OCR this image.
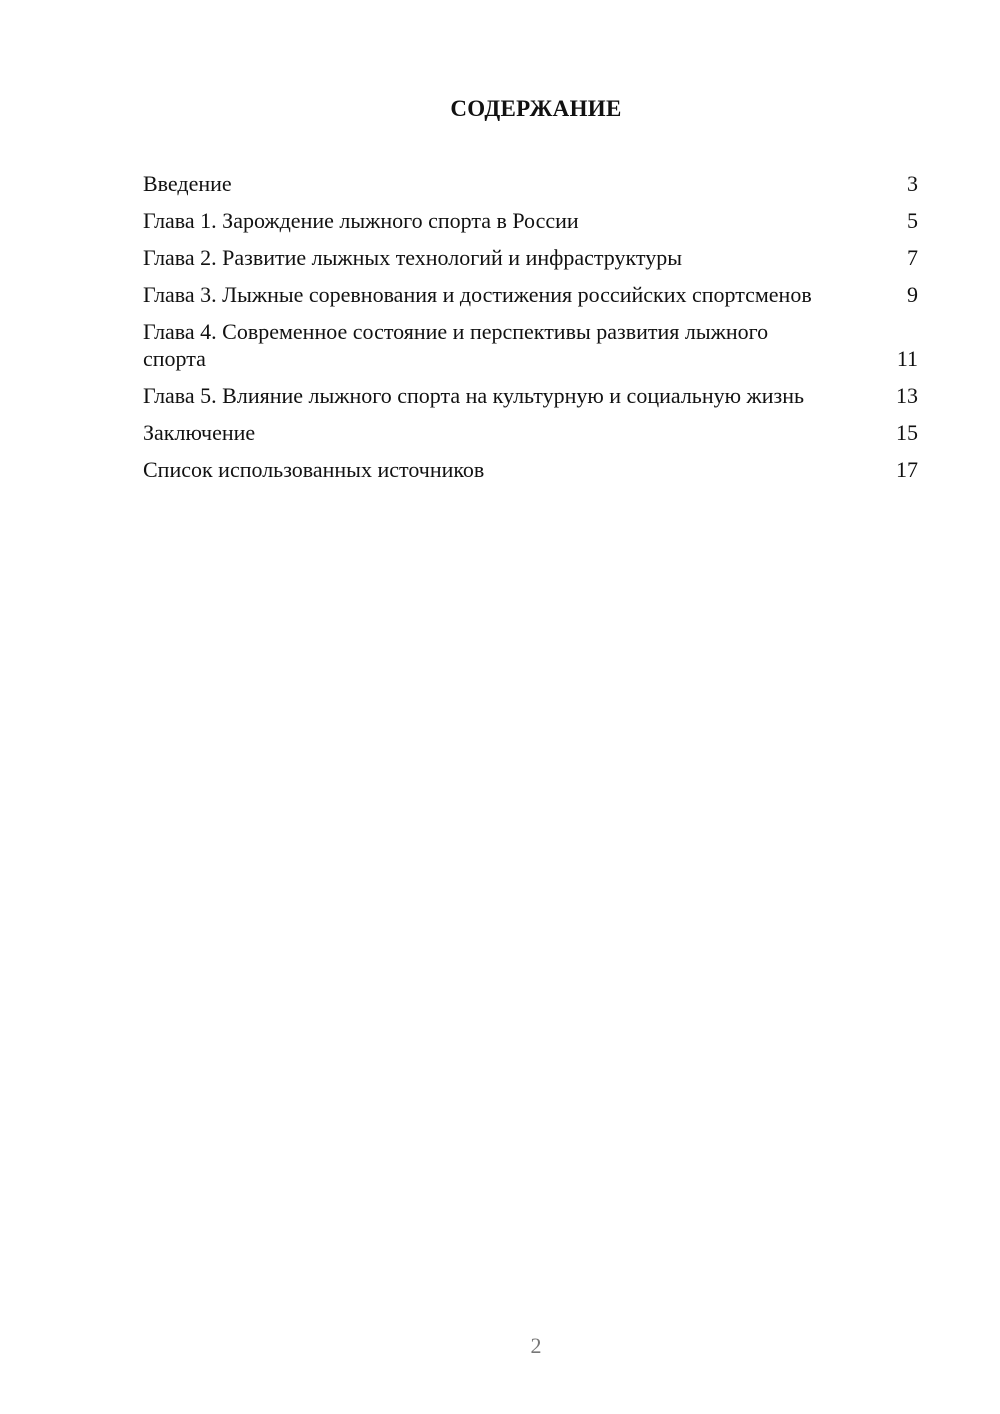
СОДЕРЖАНИЕ
Введение	3
Глава 1. Зарождение лыжного спорта в России	5
Глава 2. Развитие лыжных технологий и инфраструктуры	7
Глава 3. Лыжные соревнования и достижения российских спортсменов	9
Глава 4. Современное состояние и перспективы развития лыжного спорта	11
Глава 5. Влияние лыжного спорта на культурную и социальную жизнь	13
Заключение	15
Список использованных источников	17
2
